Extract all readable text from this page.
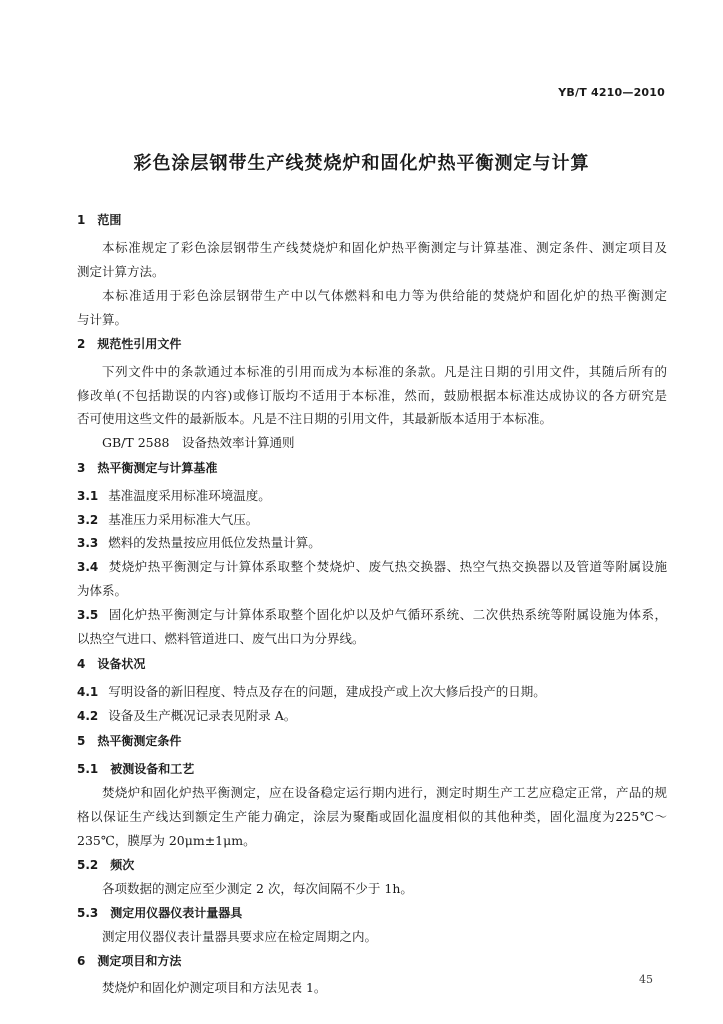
YB/T 4210—2010
彩色涂层钢带生产线焚烧炉和固化炉热平衡测定与计算
1　范围
本标准规定了彩色涂层钢带生产线焚烧炉和固化炉热平衡测定与计算基准、测定条件、测定项目及
测定计算方法。
本标准适用于彩色涂层钢带生产中以气体燃料和电力等为供给能的焚烧炉和固化炉的热平衡测定
与计算。
2　规范性引用文件
下列文件中的条款通过本标准的引用而成为本标准的条款。凡是注日期的引用文件，其随后所有的
修改单(不包括勘误的内容)或修订版均不适用于本标准，然而，鼓励根据本标准达成协议的各方研究是
否可使用这些文件的最新版本。凡是不注日期的引用文件，其最新版本适用于本标准。
GB/T 2588　设备热效率计算通则
3　热平衡测定与计算基准
3.1 基准温度采用标准环境温度。
3.2 基准压力采用标准大气压。
3.3 燃料的发热量按应用低位发热量计算。
3.4 焚烧炉热平衡测定与计算体系取整个焚烧炉、废气热交换器、热空气热交换器以及管道等附属设施
为体系。
3.5 固化炉热平衡测定与计算体系取整个固化炉以及炉气循环系统、二次供热系统等附属设施为体系，
以热空气进口、燃料管道进口、废气出口为分界线。
4　设备状况
4.1 写明设备的新旧程度、特点及存在的问题，建成投产或上次大修后投产的日期。
4.2 设备及生产概况记录表见附录 A。
5　热平衡测定条件
5.1　被测设备和工艺
焚烧炉和固化炉热平衡测定，应在设备稳定运行期内进行，测定时期生产工艺应稳定正常，产品的规
格以保证生产线达到额定生产能力确定，涂层为聚酯或固化温度相似的其他种类，固化温度为225℃～
235℃，膜厚为 20μm±1μm。
5.2　频次
各项数据的测定应至少测定 2 次，每次间隔不少于 1h。
5.3　测定用仪器仪表计量器具
测定用仪器仪表计量器具要求应在检定周期之内。
6　测定项目和方法
焚烧炉和固化炉测定项目和方法见表 1。
45
